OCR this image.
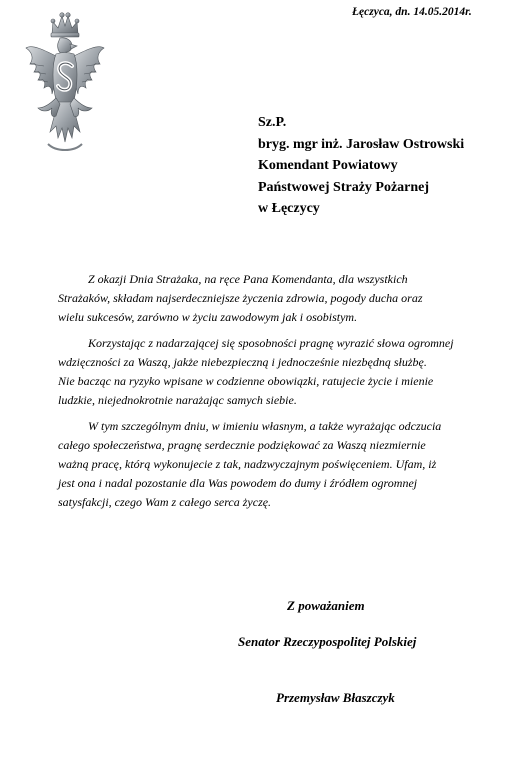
Łęczyca, dn. 14.05.2014r.
Sz.P.
bryg. mgr inż. Jarosław Ostrowski
Komendant Powiatowy
Państwowej Straży Pożarnej
w Łęczycy

Z okazji Dnia Strażaka, na ręce Pana Komendanta, dla wszystkich
Strażaków, składam najserdeczniejsze życzenia zdrowia, pogody ducha oraz
wielu sukcesów, zarówno w życiu zawodowym jak i osobistym.

Korzystając z nadarzającej się sposobności pragnę wyrazić słowa ogromnej
wdzięczności za Waszą, jakże niebezpieczną i jednocześnie niezbędną służbę.
Nie bacząc na ryzyko wpisane w codzienne obowiązki, ratujecie życie i mienie
ludzkie, niejednokrotnie narażając samych siebie.

W tym szczególnym dniu, w imieniu własnym, a także wyrażając odczucia
całego społeczeństwa, pragnę serdecznie podziękować za Waszą niezmiernie
ważną pracę, którą wykonujecie z tak, nadzwyczajnym poświęceniem. Ufam, iż
jest ona i nadal pozostanie dla Was powodem do dumy i źródłem ogromnej
satysfakcji, czego Wam z całego serca życzę.

Z poważaniem
Senator Rzeczypospolitej Polskiej
Przemysław Błaszczyk
